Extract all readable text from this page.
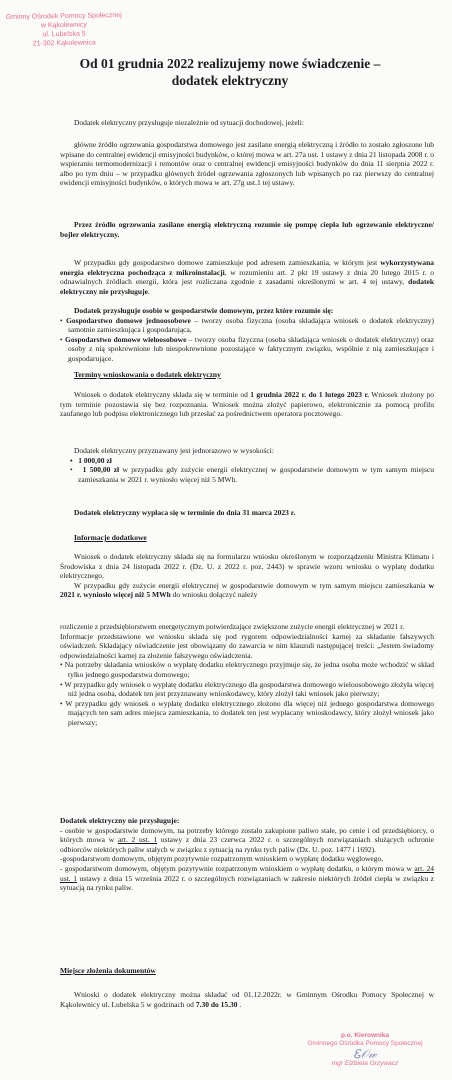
Gminny Ośrodek Pomocy Społecznej
w Kąkolewnicy
ul. Lubelska 5
21-302 Kąkolewnica
Od 01 grudnia 2022 realizujemy nowe świadczenie –
dodatek elektryczny
Dodatek elektryczny przysługuje niezależnie od sytuacji dochodowej, jeżeli:
główne źródło ogrzewania gospodarstwa domowego jest zasilane energią elektryczną i źródło to zostało zgłoszone lub wpisane do centralnej ewidencji emisyjności budynków, o której mowa w art. 27a ust. 1 ustawy z dnia 21 listopada 2008 r. o wspieraniu termomodernizacji i remontów oraz o centralnej ewidencji emisyjności budynków do dnia 11 sierpnia 2022 r. albo po tym dniu – w przypadku głównych źródeł ogrzewania zgłoszonych lub wpisanych po raz pierwszy do centralnej ewidencji emisyjności budynków, o których mowa w art. 27g ust.1 tej ustawy.
Przez źródło ogrzewania zasilane energią elektryczną rozumie się pompę ciepła lub ogrzewanie elektryczne/ bojler elektryczny.
W przypadku gdy gospodarstwo domowe zamieszkuje pod adresem zamieszkania, w którym jest wykorzystywana energia elektryczna pochodząca z mikroinstalacji, w rozumieniu art. 2 pkt 19 ustawy z dnia 20 lutego 2015 r. o odnawialnych źródłach energii, która jest rozliczana zgodnie z zasadami określonymi w art. 4 tej ustawy, dodatek elektryczny nie przysługuje.

Dodatek przysługuje osobie w gospodarstwie domowym, przez które rozumie się:

• Gospodarstwo domowe jednoosobowe – tworzy osoba fizyczna (osoba składająca wniosek o dodatek elektryczny) samotnie zamieszkująca i gospodarująca,

• Gospodarstwo domowe wieloosobowe – tworzy osoba fizyczna (osoba składająca wniosek o dodatek elektryczny) oraz osoby z nią spokrewnione lub niespokrewnione pozostające w faktycznym związku, wspólnie z nią zamieszkujące i gospodarujące.

Terminy wnioskowania o dodatek elektryczny
Wniosek o dodatek elektryczny składa się w terminie od 1 grudnia 2022 r. do 1 lutego 2023 r. Wniosek złożony po tym terminie pozostawia się bez rozpoznania. Wniosek można złożyć papierowo, elektronicznie za pomocą profilu zaufanego lub podpisu elektronicznego lub przesłać za pośrednictwem operatora pocztowego.

Dodatek elektryczny przyznawany jest jednorazowo w wysokości:

•   1 000,00 zł

•   1 500,00 zł w przypadku gdy zużycie energii elektrycznej w gospodarstwie domowym w tym samym miejscu zamieszkania w 2021 r. wyniosło więcej niż 5 MWh.

Dodatek elektryczny wypłaca się w terminie do dnia 31 marca 2023 r.
Informacje dodatkowe

Wniosek o dodatek elektryczny składa się na formularzu wniosku określonym w rozporządzeniu Ministra Klimatu i Środowiska z dnia 24 listopada 2022 r. (Dz. U. z 2022 r. poz. 2443) w sprawie wzoru wniosku o wypłatę dodatku elektrycznego.

W przypadku gdy zużycie energii elektrycznej w gospodarstwie domowym w tym samym miejscu zamieszkania w 2021 r. wyniosło więcej niż 5 MWh do wniosku dołączyć należy

rozliczenie z przedsiębiorstwem energetycznym potwierdzające zwiększone zużycie energii elektrycznej w 2021 r.

Informacje przedstawione we wniosku składa się pod rygorem odpowiedzialności karnej za składanie fałszywych oświadczeń. Składający oświadczenie jest obowiązany do zawarcia w nim klauzuli następującej treści: „Jestem świadomy odpowiedzialności karnej za złożenie fałszywego oświadczenia.

• Na potrzeby składania wniosków o wypłatę dodatku elektrycznego przyjmuje się, że jedna osoba może wchodzić w skład tylko jednego gospodarstwa domowego;

• W przypadku gdy wniosek o wypłatę dodatku elektrycznego dla gospodarstwa domowego wieloosobowego złożyła więcej niż jedna osoba, dodatek ten jest przyznawany wnioskodawcy, który złożył taki wniosek jako pierwszy;

• W przypadku gdy wniosek o wypłatę dodatku elektrycznego złożono dla więcej niż jednego gospodarstwa domowego mających ten sam adres miejsca zamieszkania, to dodatek ten jest wypłacany wnioskodawcy, który złożył wniosek jako pierwszy;

Dodatek elektryczny nie przysługuje:

- osobie w gospodarstwie domowym, na potrzeby którego zostało zakupione paliwo stałe, po cenie i od przedsiębiorcy, o których mowa w art. 2 ust. 1 ustawy z dnia 23 czerwca 2022 r. o szczególnych rozwiązaniach służących ochronie odbiorców niektórych paliw stałych w związku z sytuacją na rynku tych paliw (Dz. U. poz. 1477 i 1692).

-gospodarstwom domowym, objętym pozytywnie rozpatrzonym wnioskiem o wypłatę dodatku węglowego,

- gospodarstwom domowym, objętym pozytywnie rozpatrzonym wnioskiem o wypłatę dodatku, o którym mowa w art. 24 ust. 1 ustawy z dnia 15 września 2022 r. o szczególnych rozwiązaniach w zakresie niektórych źródeł ciepła w związku z sytuacją na rynku paliw.

Miejsce złożenia dokumentów
Wnioski o dodatek elektryczny można składać od 01.12.2022r. w Gminnym Ośrodku Pomocy Społecznej w Kąkolewnicy ul. Lubelska 5 w godzinach od 7.30 do 15.30 .
p.o. Kierownika
Gminnego Ośrodka Pomocy Społecznej
Ꮛ𝒪𝓌
mgr Elżbieta Grzywacz
